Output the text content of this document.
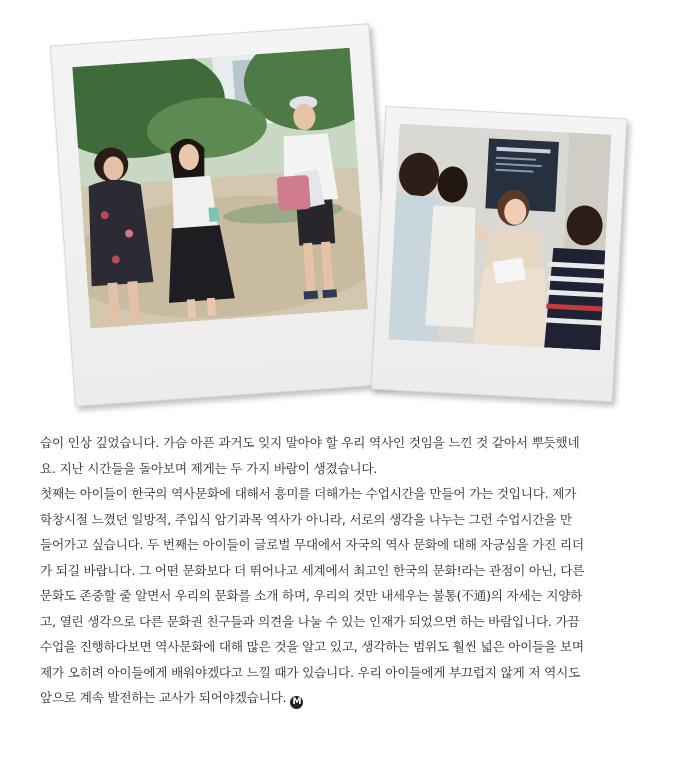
습이 인상 깊었습니다. 가슴 아픈 과거도 잊지 말아야 할 우리 역사인 것임을 느낀 것 같아서 뿌듯했네

요. 지난 시간들을 돌아보며 제게는 두 가지 바람이 생겼습니다.

첫째는 아이들이 한국의 역사문화에 대해서 흥미를 더해가는 수업시간을 만들어 가는 것입니다. 제가

학창시절 느꼈던 일방적, 주입식 암기과목 역사가 아니라, 서로의 생각을 나누는 그런 수업시간을 만

들어가고 싶습니다. 두 번째는 아이들이 글로벌 무대에서 자국의 역사 문화에 대해 자긍심을 가진 리더

가 되길 바랍니다. 그 어떤 문화보다 더 뛰어나고 세계에서 최고인 한국의 문화!라는 관점이 아닌, 다른

문화도 존중할 줄 알면서 우리의 문화를 소개 하며, 우리의 것만 내세우는 불통(不通)의 자세는 지양하

고, 열린 생각으로 다른 문화권 친구들과 의견을 나눌 수 있는 인재가 되었으면 하는 바람입니다. 가끔

수업을 진행하다보면 역사문화에 대해 많은 것을 알고 있고, 생각하는 범위도 훨씬 넓은 아이들을 보며

제가 오히려 아이들에게 배워야겠다고 느낄 때가 있습니다. 우리 아이들에게 부끄럽지 않게 저 역시도

앞으로 계속 발전하는 교사가 되어야겠습니다. M
